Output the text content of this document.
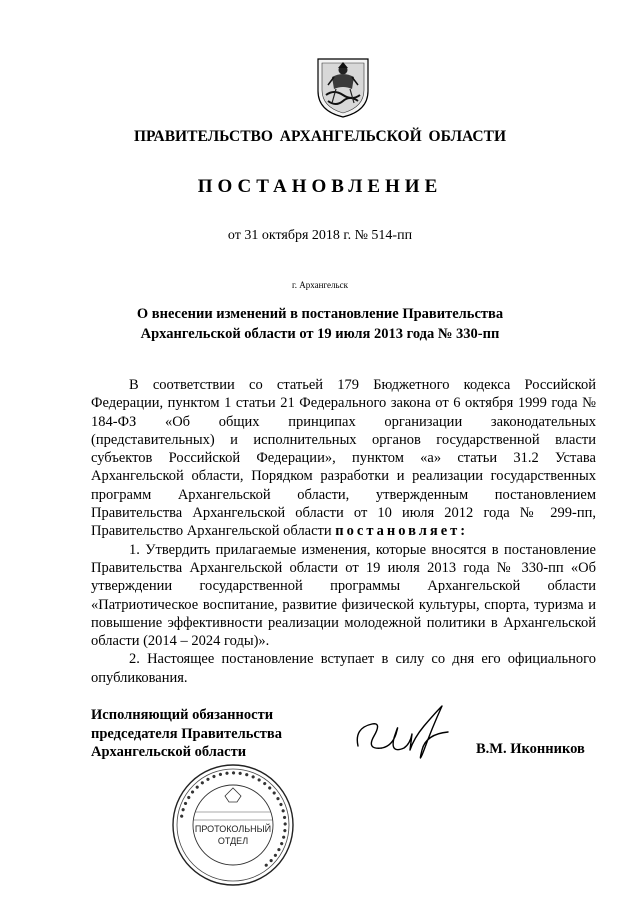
ПРАВИТЕЛЬСТВО АРХАНГЕЛЬСКОЙ ОБЛАСТИ
ПОСТАНОВЛЕНИЕ
от 31 октября 2018 г. № 514-пп
г. Архангельск
О внесении изменений в постановление Правительства
Архангельской области от 19 июля 2013 года № 330-пп

В соответствии со статьей 179 Бюджетного кодекса Российской Федерации, пунктом 1 статьи 21 Федерального закона от 6 октября 1999 года № 184-ФЗ «Об общих принципах организации законодательных (представительных) и исполнительных органов государственной власти субъектов Российской Федерации», пунктом «а» статьи 31.2 Устава Архангельской области, Порядком разработки и реализации государственных программ Архангельской области, утвержденным постановлением Правительства Архангельской области от 10 июля 2012 года № 299-пп, Правительство Архангельской области постановляет:

1. Утвердить прилагаемые изменения, которые вносятся в постановление Правительства Архангельской области от 19 июля 2013 года № 330-пп «Об утверждении государственной программы Архангельской области «Патриотическое воспитание, развитие физической культуры, спорта, туризма и повышение эффективности реализации молодежной политики в Архангельской области (2014 – 2024 годы)».

2. Настоящее постановление вступает в силу со дня его официального опубликования.

Исполняющий обязанности
председателя Правительства
Архангельской области	В.М. Иконников
● ● ● ● ● ● ● ● ● ● ● ● ● ● ● ● ● ● ● ● ● ● ● ● ● ● ● ● ● ● ●
ПРОТОКОЛЬНЫЙ
ОТДЕЛ
